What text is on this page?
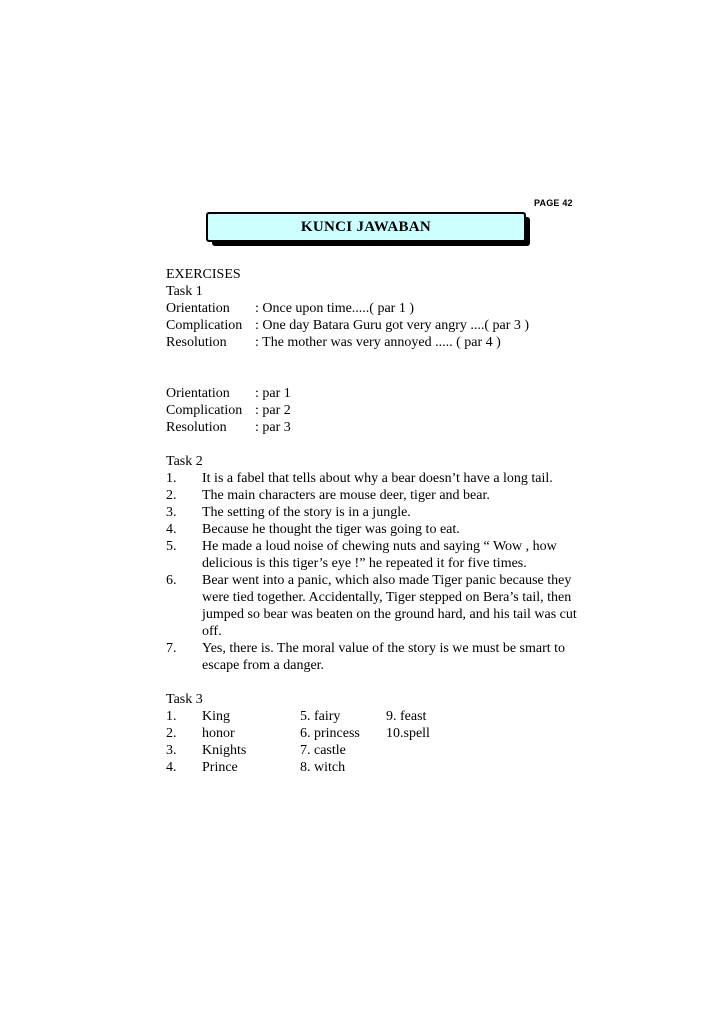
PAGE 42
KUNCI JAWABAN
EXERCISES
Task 1
Orientation	: Once upon time.....( par 1 )
Complication : One day Batara Guru got very angry ....( par 3 )
Resolution	: The mother was very annoyed ..... ( par 4 )
Orientation	: par 1
Complication : par 2
Resolution	: par 3
Task 2
1.	It is a fabel that tells about why a bear doesn’t have a long tail.
2.	The main characters are mouse deer, tiger and bear.
3.	The setting of the story is in a jungle.
4.	Because he thought the tiger was going to eat.
5.	He made a loud noise of chewing nuts and saying “ Wow , how delicious is this tiger’s eye !” he repeated it for five times.
6.	Bear went into a panic, which also made Tiger panic because they were tied together. Accidentally, Tiger stepped on Bera’s tail, then jumped so bear was beaten on the ground hard, and his tail was cut off.
7.	Yes, there is. The moral value of the story is we must be smart to escape from a danger.
Task 3
1.	King	5. fairy	9. feast
2.	honor	6. princess	10.spell
3.	Knights	7. castle
4.	Prince	8. witch
